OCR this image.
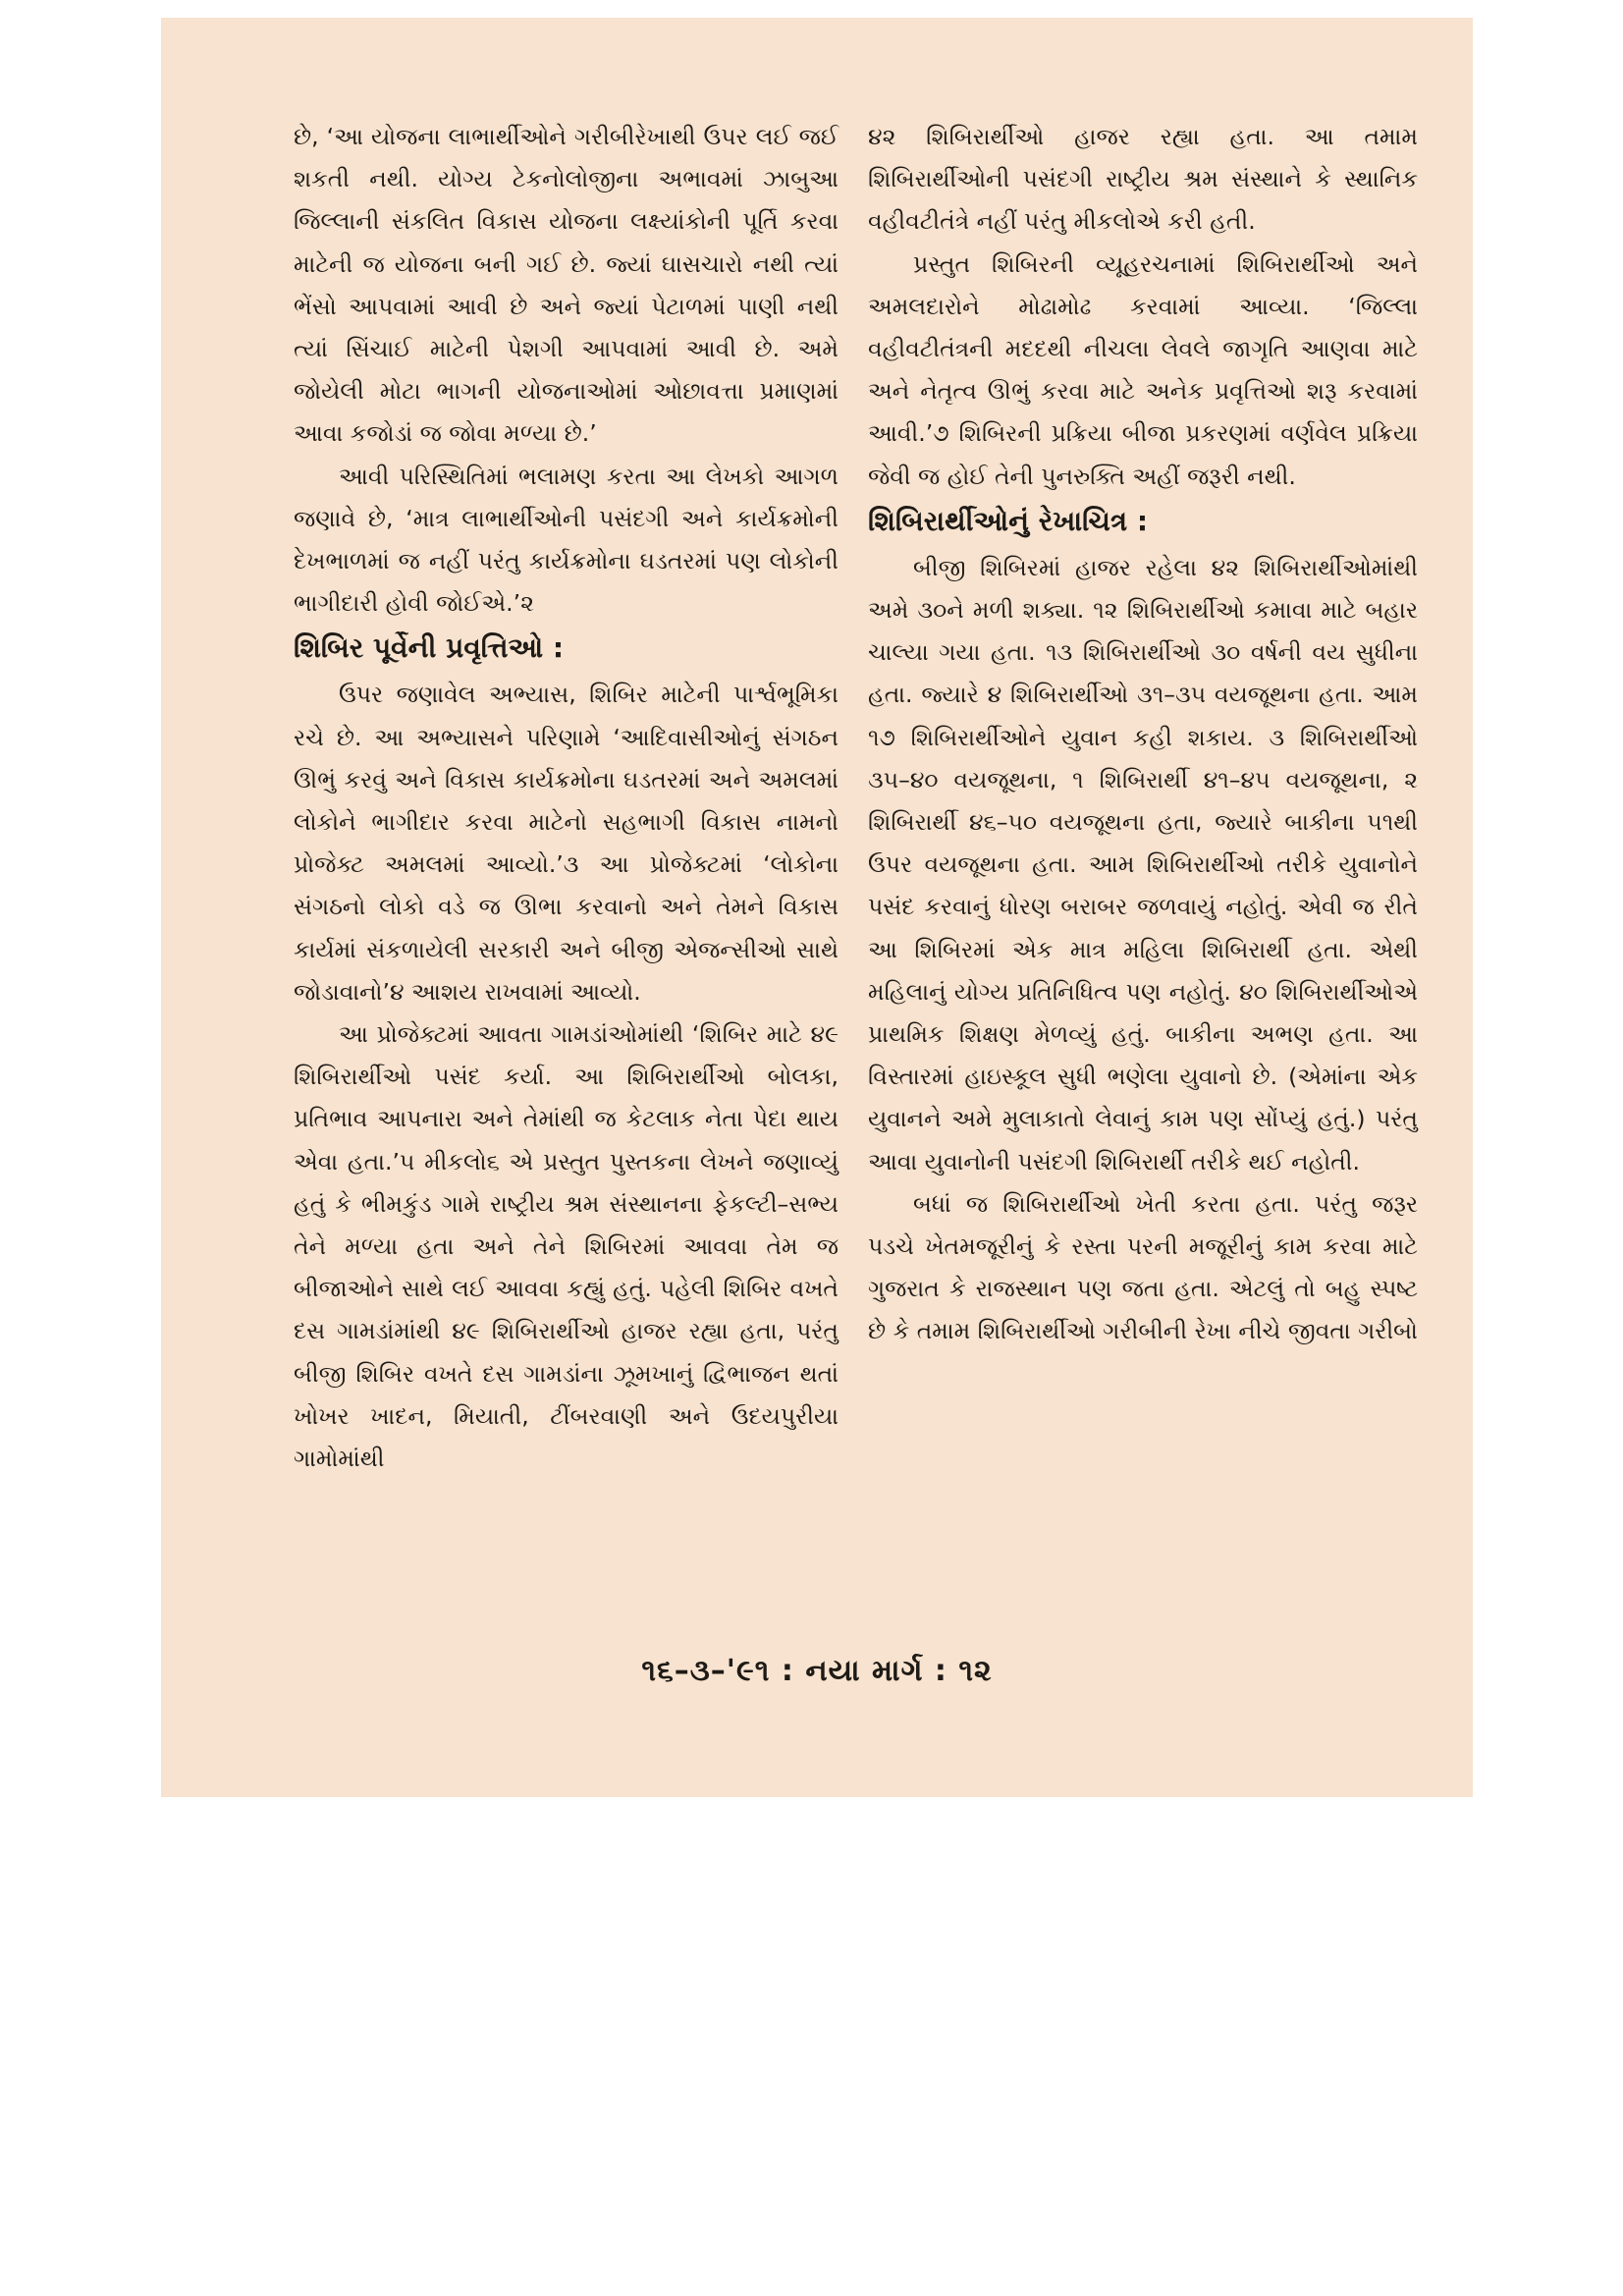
છે, ‘આ યોજના લાભાર્થીઓને ગરીબીરેખાથી ઉપર લઈ જઈ શકતી નથી. યોગ્ય ટેકનોલોજીના અભાવમાં ઝાબુઆ જિલ્લાની સંકલિત વિકાસ યોજના લક્ષ્યાંકોની પૂર્તિ કરવા માટેની જ યોજના બની ગઈ છે. જ્યાં ઘાસચારો નથી ત્યાં ભેંસો આપવામાં આવી છે અને જ્યાં પેટાળમાં પાણી નથી ત્યાં સિંચાઈ માટેની પેશગી આપવામાં આવી છે. અમે જોયેલી મોટા ભાગની યોજનાઓમાં ઓછાવત્તા પ્રમાણમાં આવા કજોડાં જ જોવા મળ્યા છે.’

આવી પરિસ્થિતિમાં ભલામણ કરતા આ લેખકો આગળ જણાવે છે, ‘માત્ર લાભાર્થીઓની પસંદગી અને કાર્યક્રમોની દેખભાળમાં જ નહીં પરંતુ કાર્યક્રમોના ઘડતરમાં પણ લોકોની ભાગીદારી હોવી જોઈએ.’૨

શિબિર પૂર્વેની પ્રવૃત્તિઓ :

ઉપર જણાવેલ અભ્યાસ, શિબિર માટેની પાર્શ્વભૂમિકા રચે છે. આ અભ્યાસને પરિણામે ‘આદિવાસીઓનું સંગઠન ઊભું કરવું અને વિકાસ કાર્યક્રમોના ઘડતરમાં અને અમલમાં લોકોને ભાગીદાર કરવા માટેનો સહભાગી વિકાસ નામનો પ્રોજેક્ટ અમલમાં આવ્યો.’૩ આ પ્રોજેક્ટમાં ‘લોકોના સંગઠનો લોકો વડે જ ઊભા કરવાનો અને તેમને વિકાસ કાર્યમાં સંકળાયેલી સરકારી અને બીજી એજન્સીઓ સાથે જોડાવાનો’૪ આશય રાખવામાં આવ્યો.

આ પ્રોજેક્ટમાં આવતા ગામડાંઓમાંથી ‘શિબિર માટે ૪૯ શિબિરાર્થીઓ પસંદ કર્યા. આ શિબિરાર્થીઓ બોલકા, પ્રતિભાવ આપનારા અને તેમાંથી જ કેટલાક નેતા પેદા થાય એવા હતા.’૫ મીકલો૬ એ પ્રસ્તુત પુસ્તકના લેખને જણાવ્યું હતું કે ભીમકુંડ ગામે રાષ્ટ્રીય શ્રમ સંસ્થાનના ફેકલ્ટી–સભ્ય તેને મળ્યા હતા અને તેને શિબિરમાં આવવા તેમ જ બીજાઓને સાથે લઈ આવવા કહ્યું હતું. પહેલી શિબિર વખતે દસ ગામડાંમાંથી ૪૯ શિબિરાર્થીઓ હાજર રહ્યા હતા, પરંતુ બીજી શિબિર વખતે દસ ગામડાંના ઝૂમખાનું દ્વિભાજન થતાં ખોખર ખાદન, મિયાતી, ટીંબરવાણી અને ઉદયપુરીયા ગામોમાંથી

૪૨ શિબિરાર્થીઓ હાજર રહ્યા હતા. આ તમામ શિબિરાર્થીઓની પસંદગી રાષ્ટ્રીય શ્રમ સંસ્થાને કે સ્થાનિક વહીવટીતંત્રે નહીં પરંતુ મીકલોએ કરી હતી.

પ્રસ્તુત શિબિરની વ્યૂહરચનામાં શિબિરાર્થીઓ અને અમલદારોને મોઢામોઢ કરવામાં આવ્યા. ‘જિલ્લા વહીવટીતંત્રની મદદથી નીચલા લેવલે જાગૃતિ આણવા માટે અને નેતૃત્વ ઊભું કરવા માટે અનેક પ્રવૃત્તિઓ શરૂ કરવામાં આવી.’૭ શિબિરની પ્રક્રિયા બીજા પ્રકરણમાં વર્ણવેલ પ્રક્રિયા જેવી જ હોઈ તેની પુનરુક્તિ અહીં જરૂરી નથી.

શિબિરાર્થીઓનું રેખાચિત્ર :

બીજી શિબિરમાં હાજર રહેલા ૪૨ શિબિરાર્થીઓમાંથી અમે ૩૦ને મળી શક્યા. ૧૨ શિબિરાર્થીઓ કમાવા માટે બહાર ચાલ્યા ગયા હતા. ૧૩ શિબિરાર્થીઓ ૩૦ વર્ષની વય સુધીના હતા. જ્યારે ૪ શિબિરાર્થીઓ ૩૧–૩૫ વયજૂથના હતા. આમ ૧૭ શિબિરાર્થીઓને યુવાન કહી શકાય. ૩ શિબિરાર્થીઓ ૩૫–૪૦ વયજૂથના, ૧ શિબિરાર્થી ૪૧–૪૫ વયજૂથના, ૨ શિબિરાર્થી ૪૬–૫૦ વયજૂથના હતા, જ્યારે બાકીના ૫૧થી ઉપર વયજૂથના હતા. આમ શિબિરાર્થીઓ તરીકે યુવાનોને પસંદ કરવાનું ધોરણ બરાબર જળવાયું નહોતું. એવી જ રીતે આ શિબિરમાં એક માત્ર મહિલા શિબિરાર્થી હતા. એથી મહિલાનું યોગ્ય પ્રતિનિધિત્વ પણ નહોતું. ૪૦ શિબિરાર્થીઓએ પ્રાથમિક શિક્ષણ મેળવ્યું હતું. બાકીના અભણ હતા. આ વિસ્તારમાં હાઇસ્કૂલ સુધી ભણેલા યુવાનો છે. (એમાંના એક યુવાનને અમે મુલાકાતો લેવાનું કામ પણ સોંપ્યું હતું.) પરંતુ આવા યુવાનોની પસંદગી શિબિરાર્થી તરીકે થઈ નહોતી.

બધાં જ શિબિરાર્થીઓ ખેતી કરતા હતા. પરંતુ જરૂર પડચે ખેતમજૂરીનું કે રસ્તા પરની મજૂરીનું કામ કરવા માટે ગુજરાત કે રાજસ્થાન પણ જતા હતા. એટલું તો બહુ સ્પષ્ટ છે કે તમામ શિબિરાર્થીઓ ગરીબીની રેખા નીચે જીવતા ગરીબો

૧૬–૩–'૯૧ : નયા માર્ગ : ૧૨
